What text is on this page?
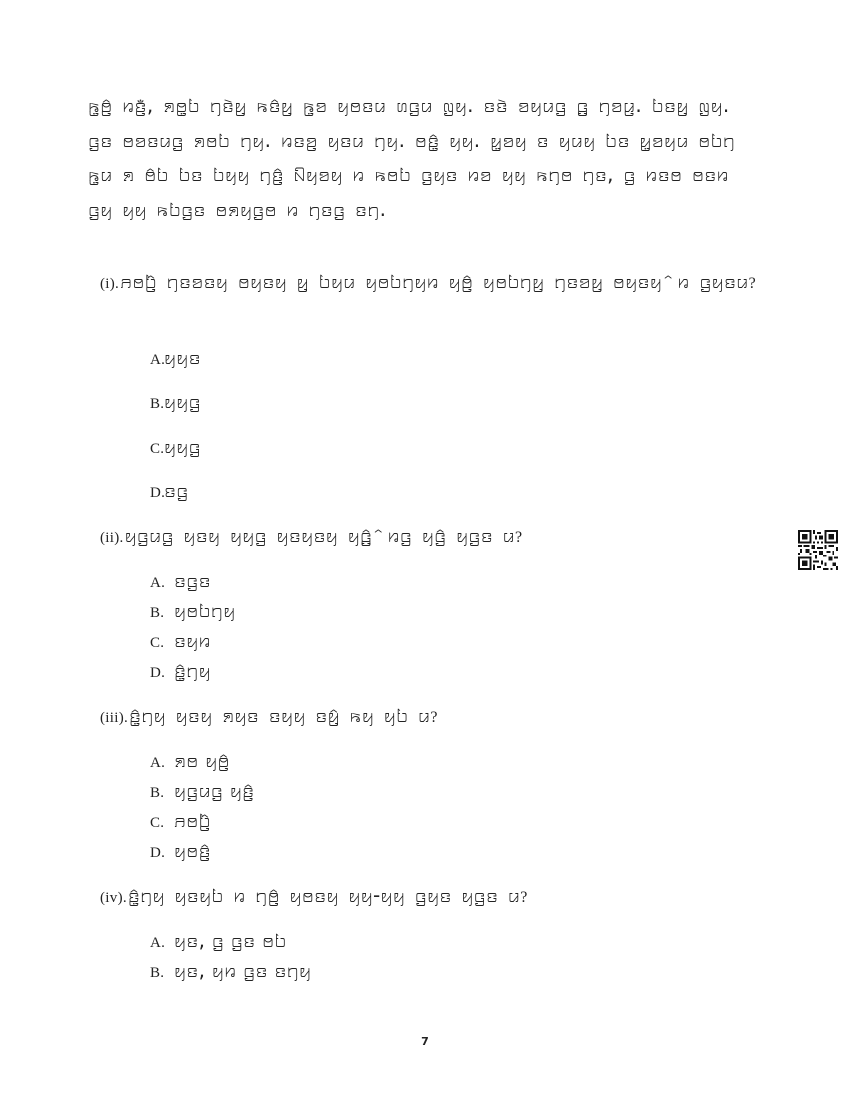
ꤒ꤭ꤥꤨ꤬ ꤙꤢꤪ꤬, ꤎꤥ꤭ꤝ ꤚꤢꤧꤟ꤬ ꤒꤢꤨꤟ꤬ ꤒ꤭ꤤ ꤟꤥꤢꤣ ꤛꤞꤣ ꤜꤟ. ꤢꤢꤧ ꤤꤟꤣꤞ ꤞ꤬ ꤚꤤꤣ꤬. ꤝꤢꤟ꤬ ꤜꤟ. ꤞꤢ ꤥꤤꤢꤣꤞ ꤎꤥꤝ ꤚꤟ. ꤙꤢꤤ꤬ ꤟꤢꤣ ꤚꤟ. ꤥꤢꤨ꤭ ꤟꤟ. ꤟ꤭ꤤꤟ ꤢ ꤟꤣꤟ ꤝꤢ ꤟ꤭ꤤꤟꤣ ꤥꤝꤚ ꤒ꤭ꤣ ꤎ ꤥꤨꤝ ꤝꤢ ꤝꤟꤟ ꤚꤢꤨ꤬ ꤡꤟꤤꤟ ꤙ ꤒꤥꤝ ꤞꤟꤢ ꤙꤤ ꤟꤟ ꤒꤚꤥ ꤚꤢ, ꤞ ꤙꤢꤥ ꤥꤢꤙ ꤞꤟ ꤟꤟ ꤒꤝꤞꤢ ꤥꤎꤟꤞꤥ ꤙ ꤚꤢꤞ ꤢꤚ.
(i).ꤏꤥꤝꤨ꤬ ꤚꤢꤤꤢꤟ ꤥꤟꤢꤟ ꤟ꤬ ꤝꤟꤣ ꤟꤥꤝꤚꤟꤙ ꤟꤥꤨ꤬ ꤟꤥꤝꤚꤟ꤬ ꤚꤢꤤꤟ꤬ ꤥꤟꤢꤟ ꤨꤙ ꤞꤟꤢꤣ?
A.ꤟꤟꤢ
B.ꤟꤟꤞ
C.ꤟꤟꤞ
D.ꤢꤞ
(ii).ꤟꤞꤣꤞ ꤟꤢꤟ ꤟꤟꤞ ꤟꤢꤟꤢꤟ ꤟꤞꤨ꤬ ꤨꤙꤞ ꤟꤞꤨ ꤟꤞꤢ ꤣ?
A. ꤢꤞꤢ
B. ꤟꤥꤝꤚꤟ
C. ꤢꤟꤙ
D. ꤢ꤭ꤨꤚꤟ
(iii).ꤢ꤭ꤨꤚꤟ ꤟꤢꤟ ꤎꤟꤢ ꤢꤟꤟ ꤢꤟꤨ꤬ ꤒꤟ ꤟꤝ ꤣ?
A. ꤎꤥ ꤟꤥꤨ꤬
B. ꤟꤞꤣꤞ ꤟꤢꤨ꤬
C. ꤏꤥꤝꤨ꤬
D. ꤟꤥꤢꤨ꤬
(iv).ꤢ꤭ꤨꤚꤟ ꤟꤢꤟꤝ ꤙ ꤚꤥꤨ꤬ ꤟꤥꤢꤟ ꤟꤟ-ꤟꤟ ꤞꤟꤢ ꤟꤞꤢ ꤣ?
A. ꤟꤢ, ꤞ ꤞꤢ ꤥꤝ
B. ꤟꤢ, ꤟꤙ ꤞꤢ ꤢꤚꤟ
7
